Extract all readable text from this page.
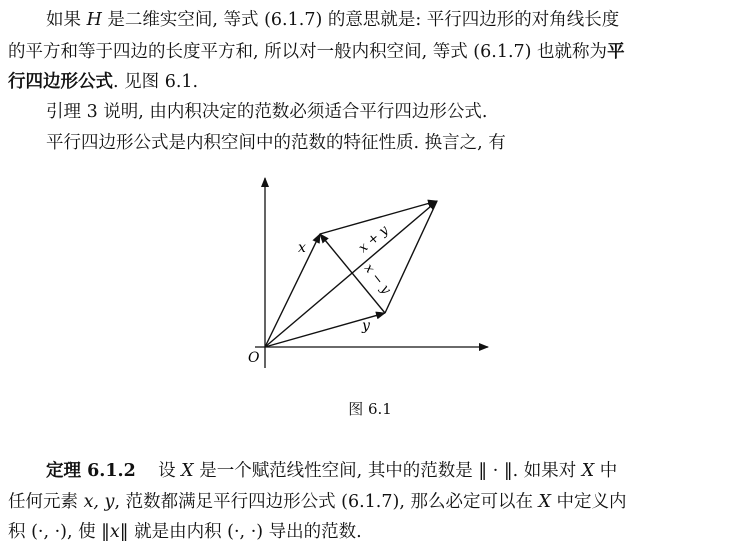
如果 H 是二维实空间, 等式 (6.1.7) 的意思就是: 平行四边形的对角线长度
的平方和等于四边的长度平方和, 所以对一般内积空间, 等式 (6.1.7) 也就称为平
行四边形公式. 见图 6.1.
引理 3 说明, 由内积决定的范数必须适合平行四边形公式.
平行四边形公式是内积空间中的范数的特征性质. 换言之, 有
x
y
x + y
x − y
O
图 6.1
定理 6.1.2 设 X 是一个赋范线性空间, 其中的范数是 ‖ · ‖. 如果对 X 中
任何元素 x, y, 范数都满足平行四边形公式 (6.1.7), 那么必定可以在 X 中定义内
积 (·, ·), 使 ‖x‖ 就是由内积 (·, ·) 导出的范数.
